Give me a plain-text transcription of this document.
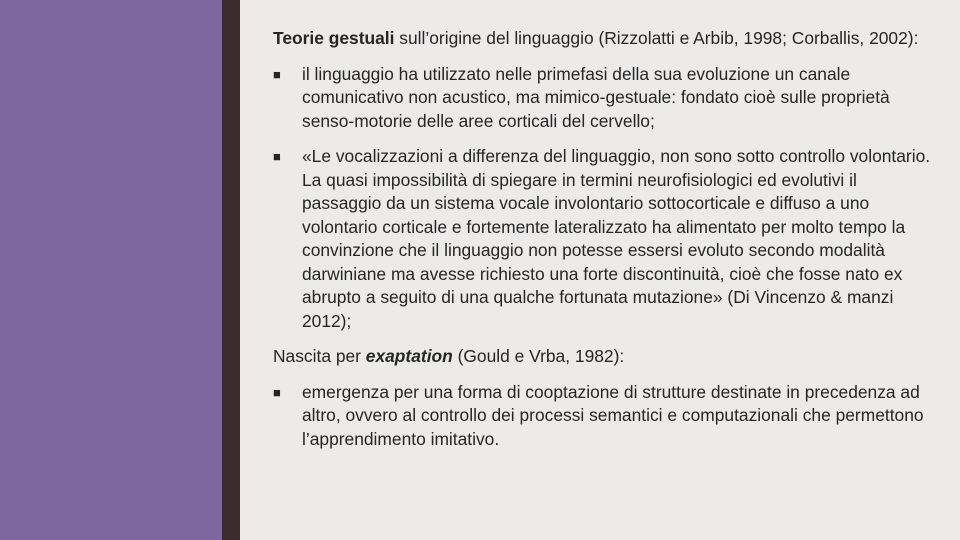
Teorie gestuali sull’origine del linguaggio (Rizzolatti e Arbib, 1998; Corballis, 2002):

■ il linguaggio ha utilizzato nelle primefasi della sua evoluzione un canale comunicativo non acustico, ma mimico-gestuale: fondato cioè sulle proprietà senso-motorie delle aree corticali del cervello;
■ «Le vocalizzazioni a differenza del linguaggio, non sono sotto controllo volontario. La quasi impossibilità di spiegare in termini neurofisiologici ed evolutivi il passaggio da un sistema vocale involontario sottocorticale e diffuso a uno volontario corticale e fortemente lateralizzato ha alimentato per molto tempo la convinzione che il linguaggio non potesse essersi evoluto secondo modalità darwiniane ma avesse richiesto una forte discontinuità, cioè che fosse nato ex abrupto a seguito di una qualche fortunata mutazione» (Di Vincenzo & manzi 2012);

Nascita per exaptation (Gould e Vrba, 1982):

■ emergenza per una forma di cooptazione di strutture destinate in precedenza ad altro, ovvero al controllo dei processi semantici e computazionali che permettono l’apprendimento imitativo.
